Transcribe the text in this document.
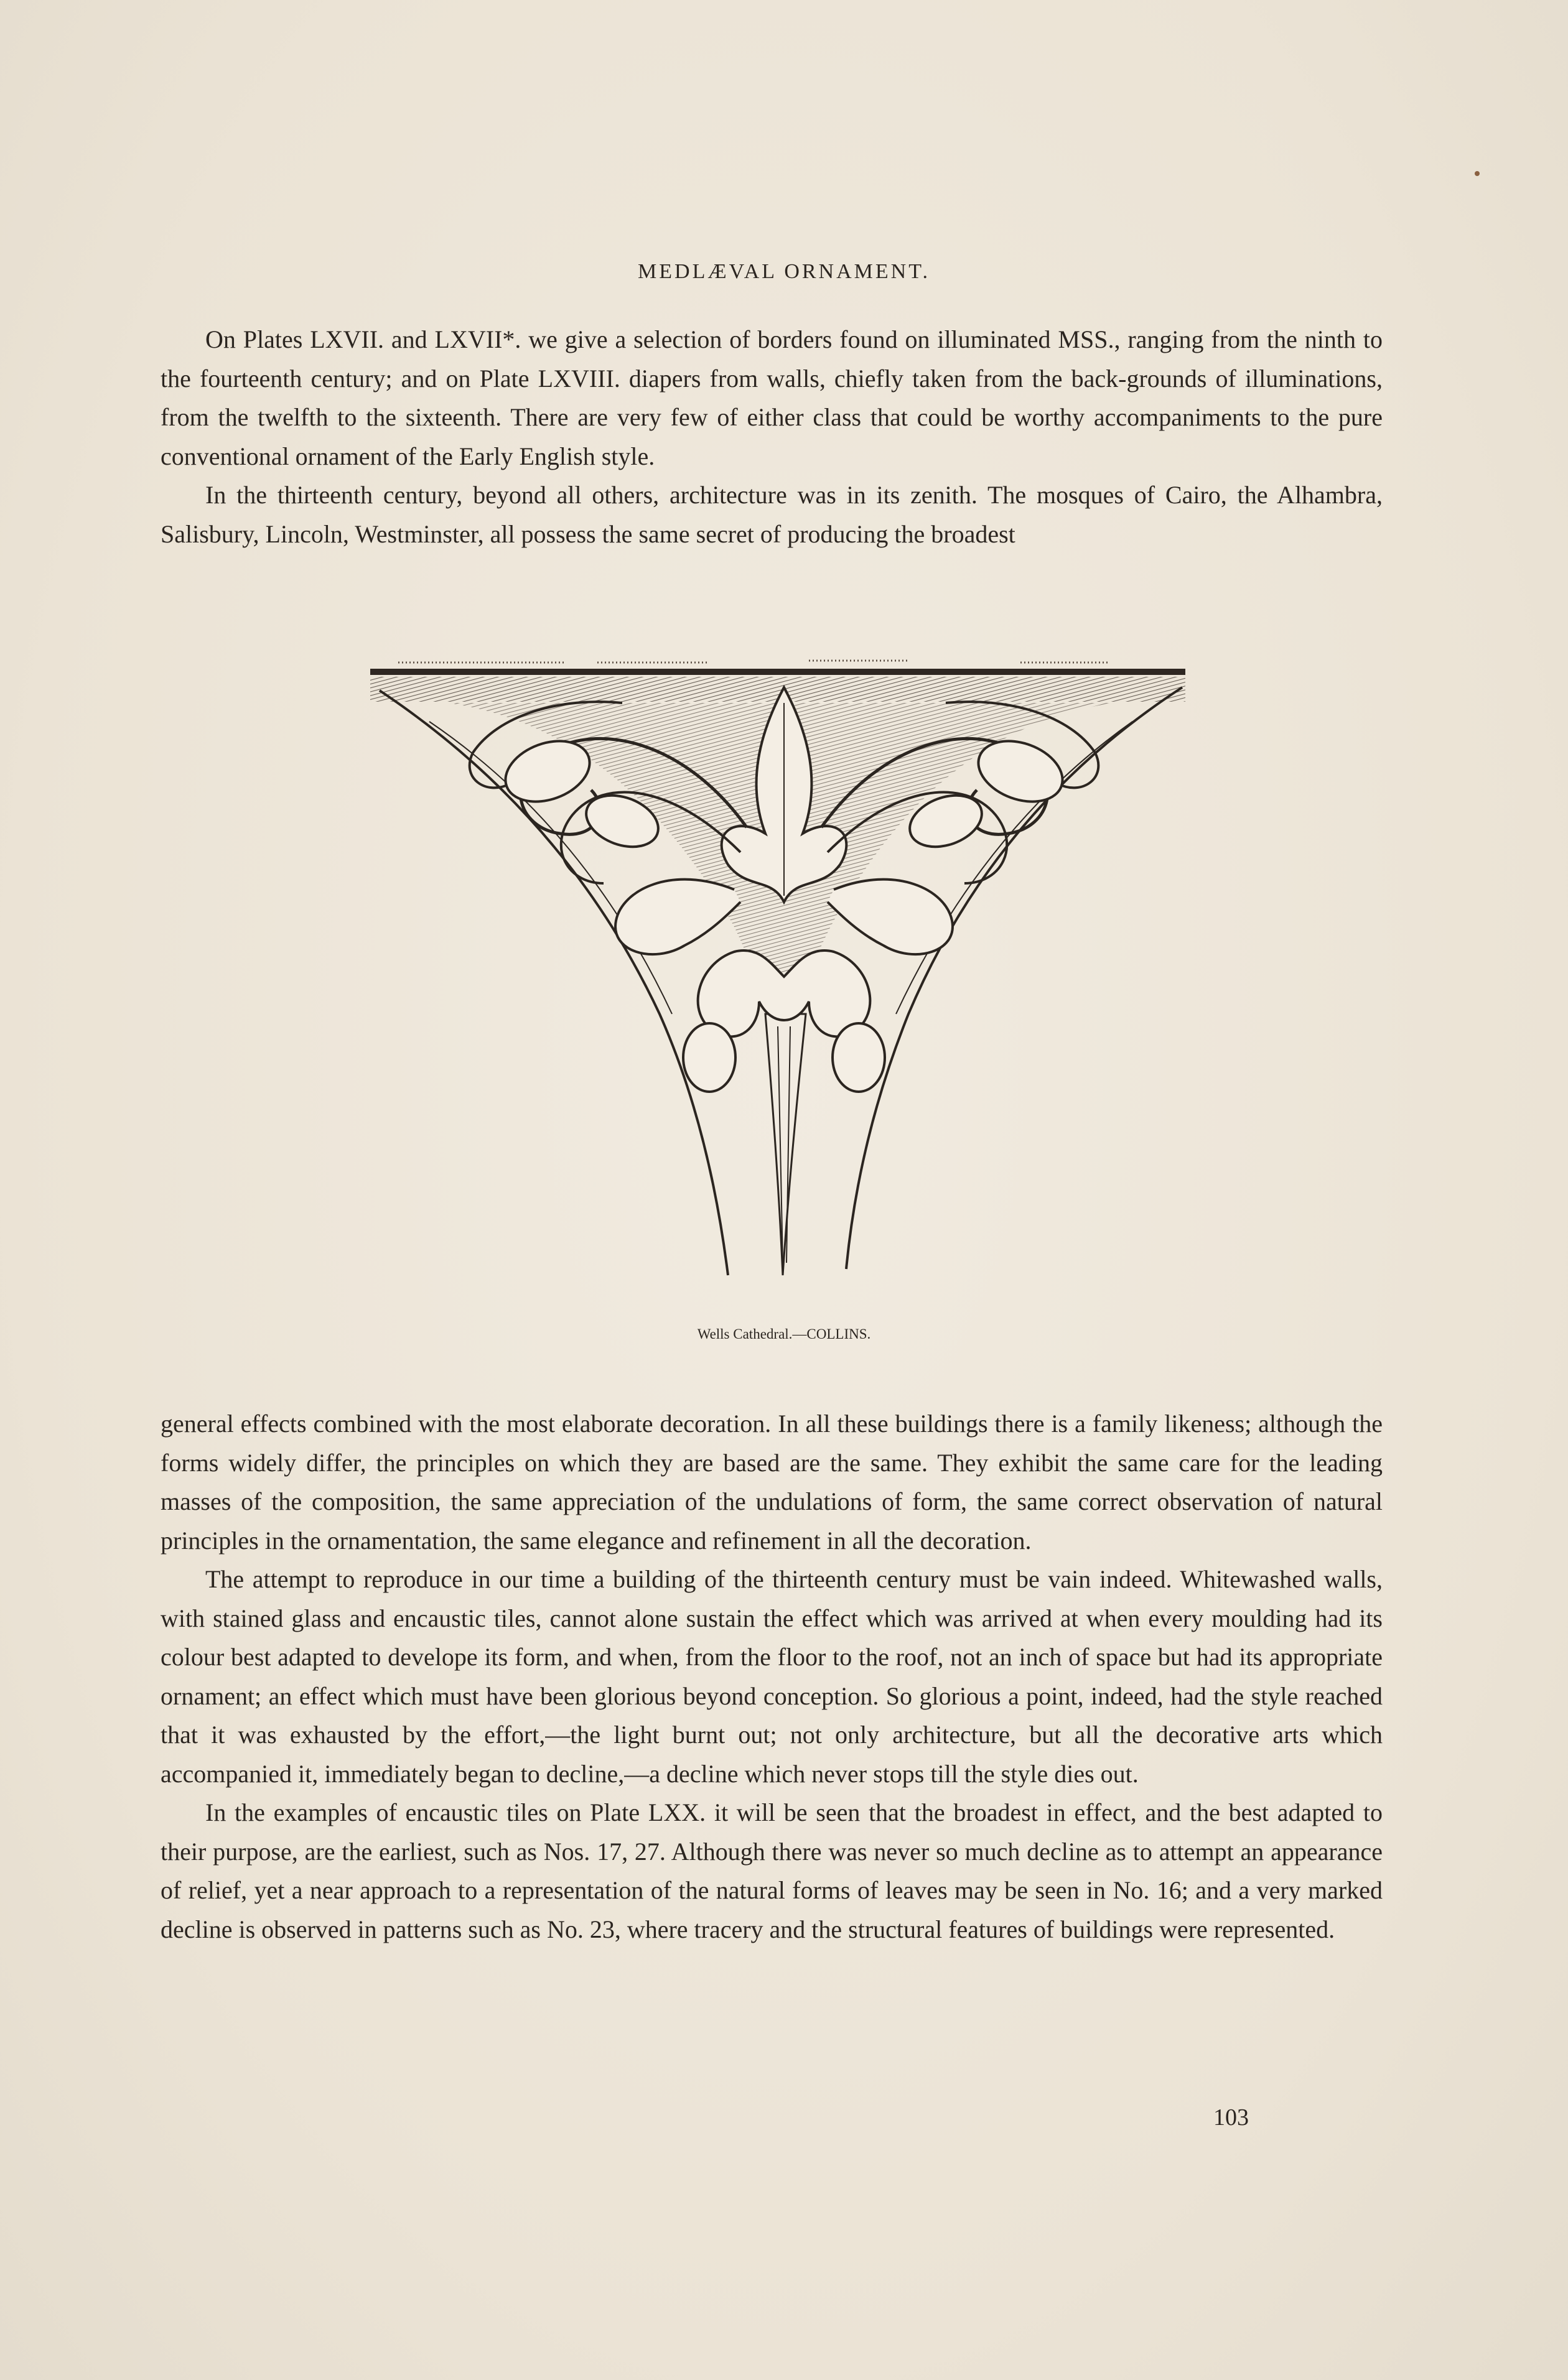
MEDLÆVAL ORNAMENT.

On Plates LXVII. and LXVII*. we give a selection of borders found on illuminated MSS., ranging from the ninth to the fourteenth century; and on Plate LXVIII. diapers from walls, chiefly taken from the back-grounds of illuminations, from the twelfth to the sixteenth. There are very few of either class that could be worthy accompaniments to the pure conventional ornament of the Early English style.

In the thirteenth century, beyond all others, architecture was in its zenith. The mosques of Cairo, the Alhambra, Salisbury, Lincoln, Westminster, all possess the same secret of producing the broadest

Wells Cathedral.—COLLINS.

general effects combined with the most elaborate decoration. In all these buildings there is a family likeness; although the forms widely differ, the principles on which they are based are the same. They exhibit the same care for the leading masses of the composition, the same appreciation of the undulations of form, the same correct observation of natural principles in the ornamentation, the same elegance and refinement in all the decoration.

The attempt to reproduce in our time a building of the thirteenth century must be vain indeed. Whitewashed walls, with stained glass and encaustic tiles, cannot alone sustain the effect which was arrived at when every moulding had its colour best adapted to develope its form, and when, from the floor to the roof, not an inch of space but had its appropriate ornament; an effect which must have been glorious beyond conception. So glorious a point, indeed, had the style reached that it was exhausted by the effort,—the light burnt out; not only architecture, but all the decorative arts which accompanied it, immediately began to decline,—a decline which never stops till the style dies out.

In the examples of encaustic tiles on Plate LXX. it will be seen that the broadest in effect, and the best adapted to their purpose, are the earliest, such as Nos. 17, 27. Although there was never so much decline as to attempt an appearance of relief, yet a near approach to a representation of the natural forms of leaves may be seen in No. 16; and a very marked decline is observed in patterns such as No. 23, where tracery and the structural features of buildings were represented.

103
